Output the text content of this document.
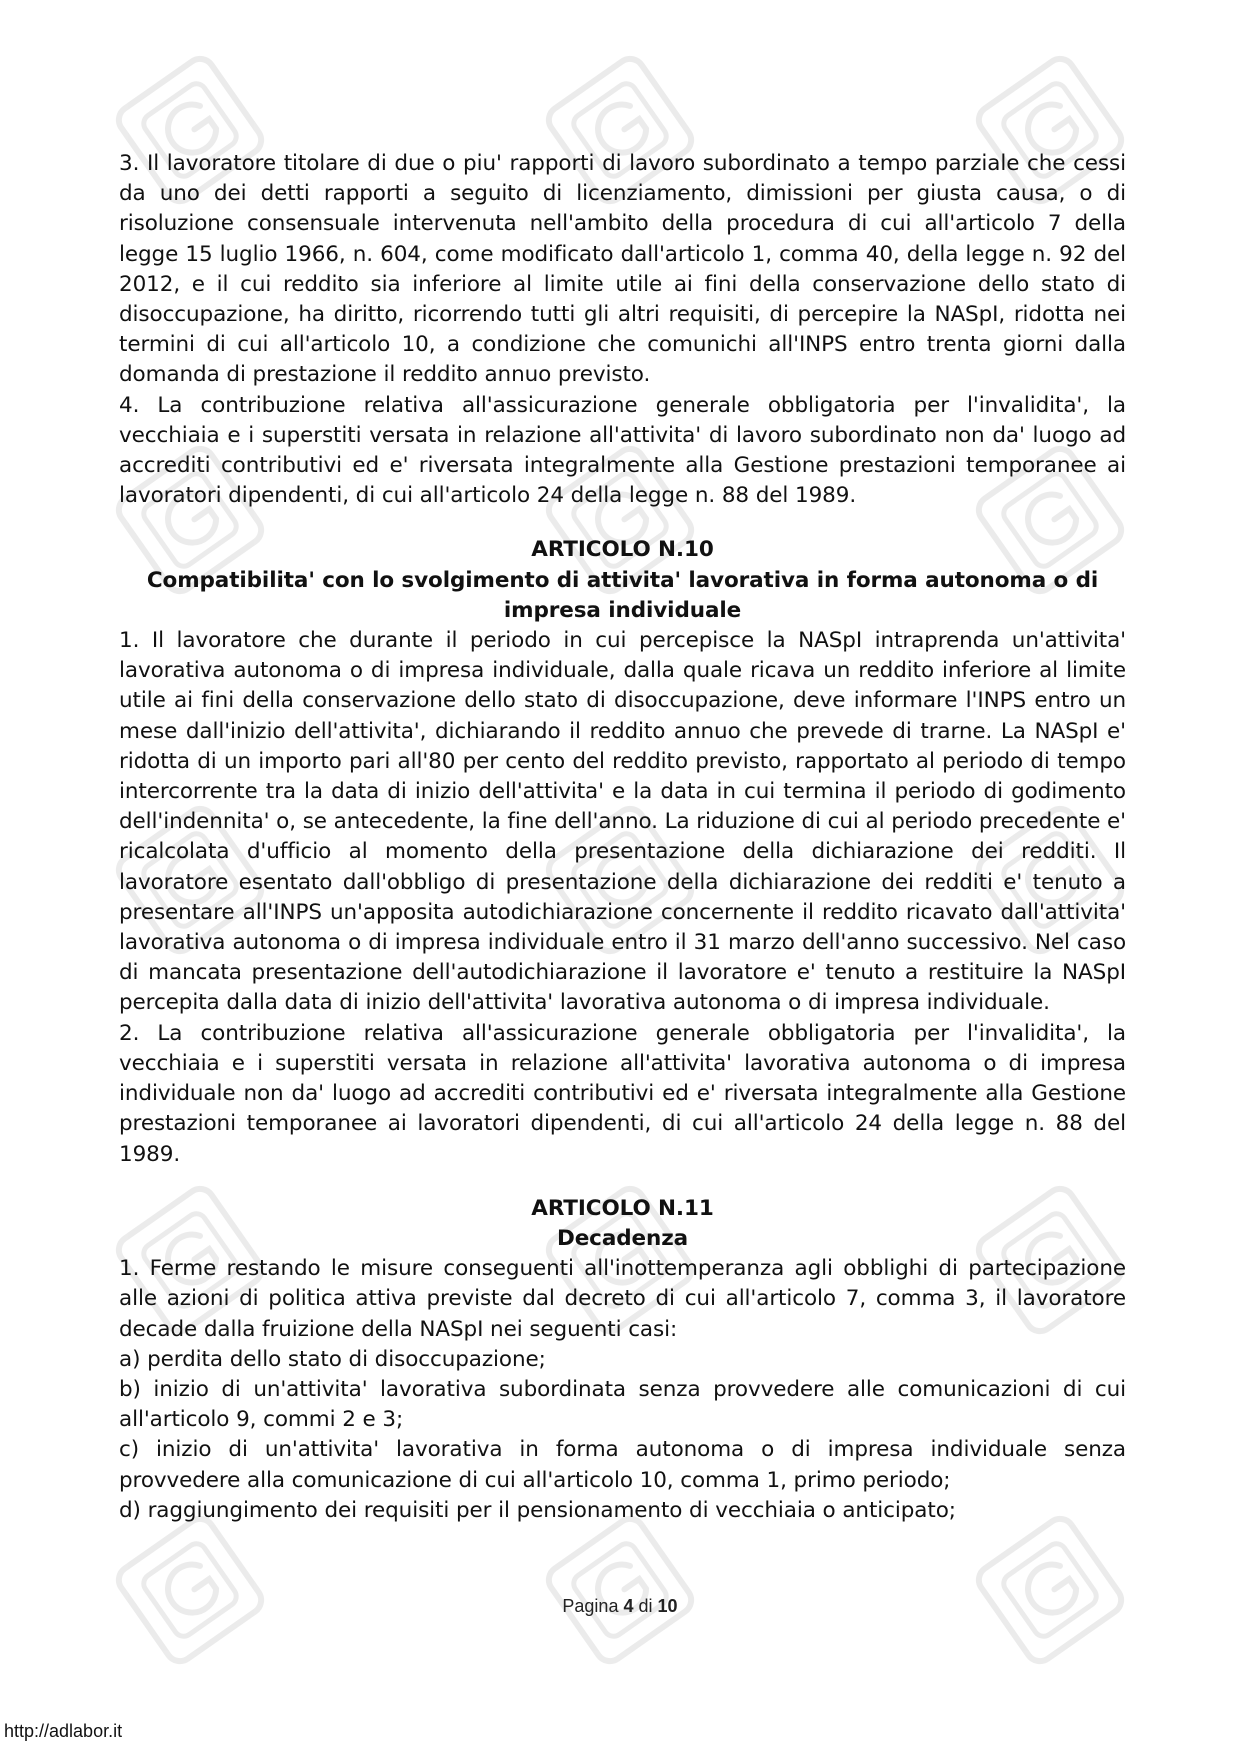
3. Il lavoratore titolare di due o piu' rapporti di lavoro subordinato a tempo parziale che cessi da uno dei detti rapporti a seguito di licenziamento, dimissioni per giusta causa, o di risoluzione consensuale intervenuta nell'ambito della procedura di cui all'articolo 7 della legge 15 luglio 1966, n. 604, come modificato dall'articolo 1, comma 40, della legge n. 92 del 2012, e il cui reddito sia inferiore al limite utile ai fini della conservazione dello stato di disoccupazione, ha diritto, ricorrendo tutti gli altri requisiti, di percepire la NASpI, ridotta nei termini di cui all'articolo 10, a condizione che comunichi all'INPS entro trenta giorni dalla domanda di prestazione il reddito annuo previsto.

4. La contribuzione relativa all'assicurazione generale obbligatoria per l'invalidita', la vecchiaia e i superstiti versata in relazione all'attivita' di lavoro subordinato non da' luogo ad accrediti contributivi ed e' riversata integralmente alla Gestione prestazioni temporanee ai lavoratori dipendenti, di cui all'articolo 24 della legge n. 88 del 1989.

ARTICOLO N.10

Compatibilita' con lo svolgimento di attivita' lavorativa in forma autonoma o di impresa individuale

1. Il lavoratore che durante il periodo in cui percepisce la NASpI intraprenda un'attivita' lavorativa autonoma o di impresa individuale, dalla quale ricava un reddito inferiore al limite utile ai fini della conservazione dello stato di disoccupazione, deve informare l'INPS entro un mese dall'inizio dell'attivita', dichiarando il reddito annuo che prevede di trarne. La NASpI e' ridotta di un importo pari all'80 per cento del reddito previsto, rapportato al periodo di tempo intercorrente tra la data di inizio dell'attivita' e la data in cui termina il periodo di godimento dell'indennita' o, se antecedente, la fine dell'anno. La riduzione di cui al periodo precedente e' ricalcolata d'ufficio al momento della presentazione della dichiarazione dei redditi. Il lavoratore esentato dall'obbligo di presentazione della dichiarazione dei redditi e' tenuto a presentare all'INPS un'apposita autodichiarazione concernente il reddito ricavato dall'attivita' lavorativa autonoma o di impresa individuale entro il 31 marzo dell'anno successivo. Nel caso di mancata presentazione dell'autodichiarazione il lavoratore e' tenuto a restituire la NASpI percepita dalla data di inizio dell'attivita' lavorativa autonoma o di impresa individuale.

2. La contribuzione relativa all'assicurazione generale obbligatoria per l'invalidita', la vecchiaia e i superstiti versata in relazione all'attivita' lavorativa autonoma o di impresa individuale non da' luogo ad accrediti contributivi ed e' riversata integralmente alla Gestione prestazioni temporanee ai lavoratori dipendenti, di cui all'articolo 24 della legge n. 88 del 1989.

ARTICOLO N.11

Decadenza

1. Ferme restando le misure conseguenti all'inottemperanza agli obblighi di partecipazione alle azioni di politica attiva previste dal decreto di cui all'articolo 7, comma 3, il lavoratore decade dalla fruizione della NASpI nei seguenti casi:

a) perdita dello stato di disoccupazione;

b) inizio di un'attivita' lavorativa subordinata senza provvedere alle comunicazioni di cui all'articolo 9, commi 2 e 3;

c) inizio di un'attivita' lavorativa in forma autonoma o di impresa individuale senza provvedere alla comunicazione di cui all'articolo 10, comma 1, primo periodo;

d) raggiungimento dei requisiti per il pensionamento di vecchiaia o anticipato;

Pagina 4 di 10
http://adlabor.it
